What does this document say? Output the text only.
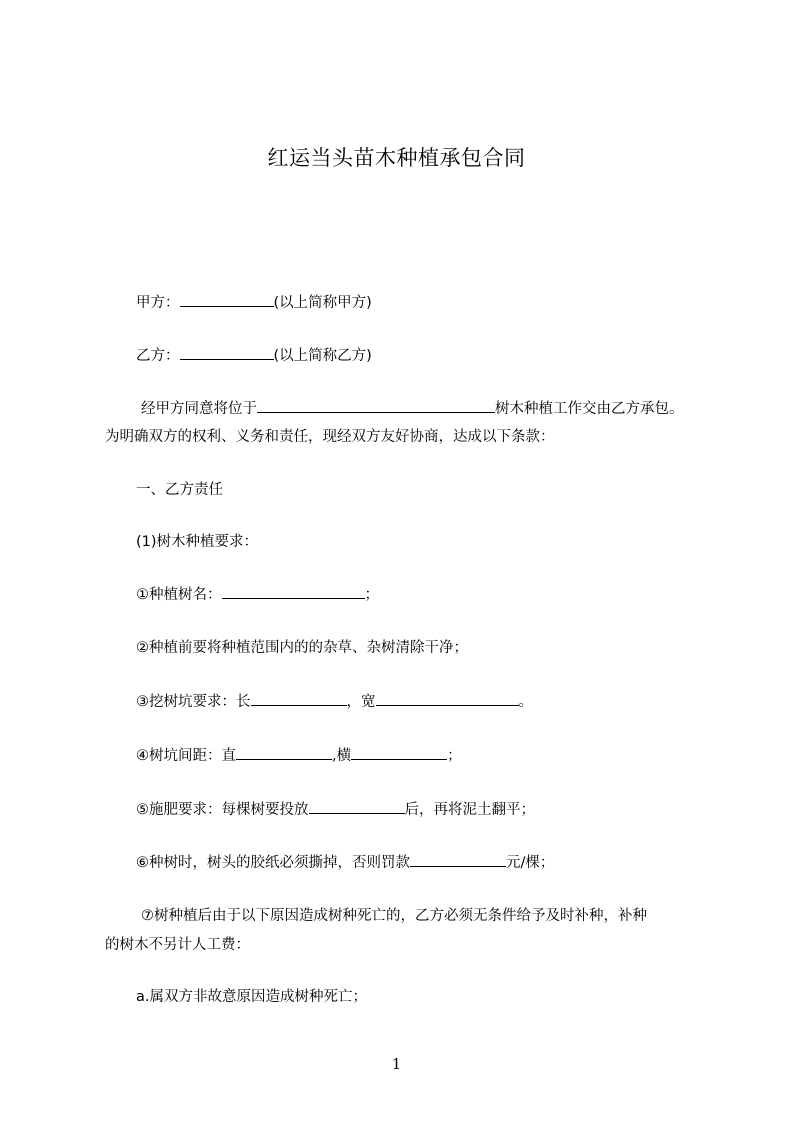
红运当头苗木种植承包合同
甲方：	(以上简称甲方)
乙方：	(以上简称乙方)
经甲方同意将位于	树木种植工作交由乙方承包。
为明确双方的权利、义务和责任，现经双方友好协商，达成以下条款：
一、乙方责任
(1)树木种植要求：
①种植树名：	；
②种植前要将种植范围内的的杂草、杂树清除干净；
③挖树坑要求：长	，宽	。
④树坑间距：直	,横	；
⑤施肥要求：每棵树要投放	后，再将泥土翻平；
⑥种树时，树头的胶纸必须撕掉，否则罚款	元/棵；
⑦树种植后由于以下原因造成树种死亡的，乙方必须无条件给予及时补种，补种
的树木不另计人工费：
a.属双方非故意原因造成树种死亡；
1
